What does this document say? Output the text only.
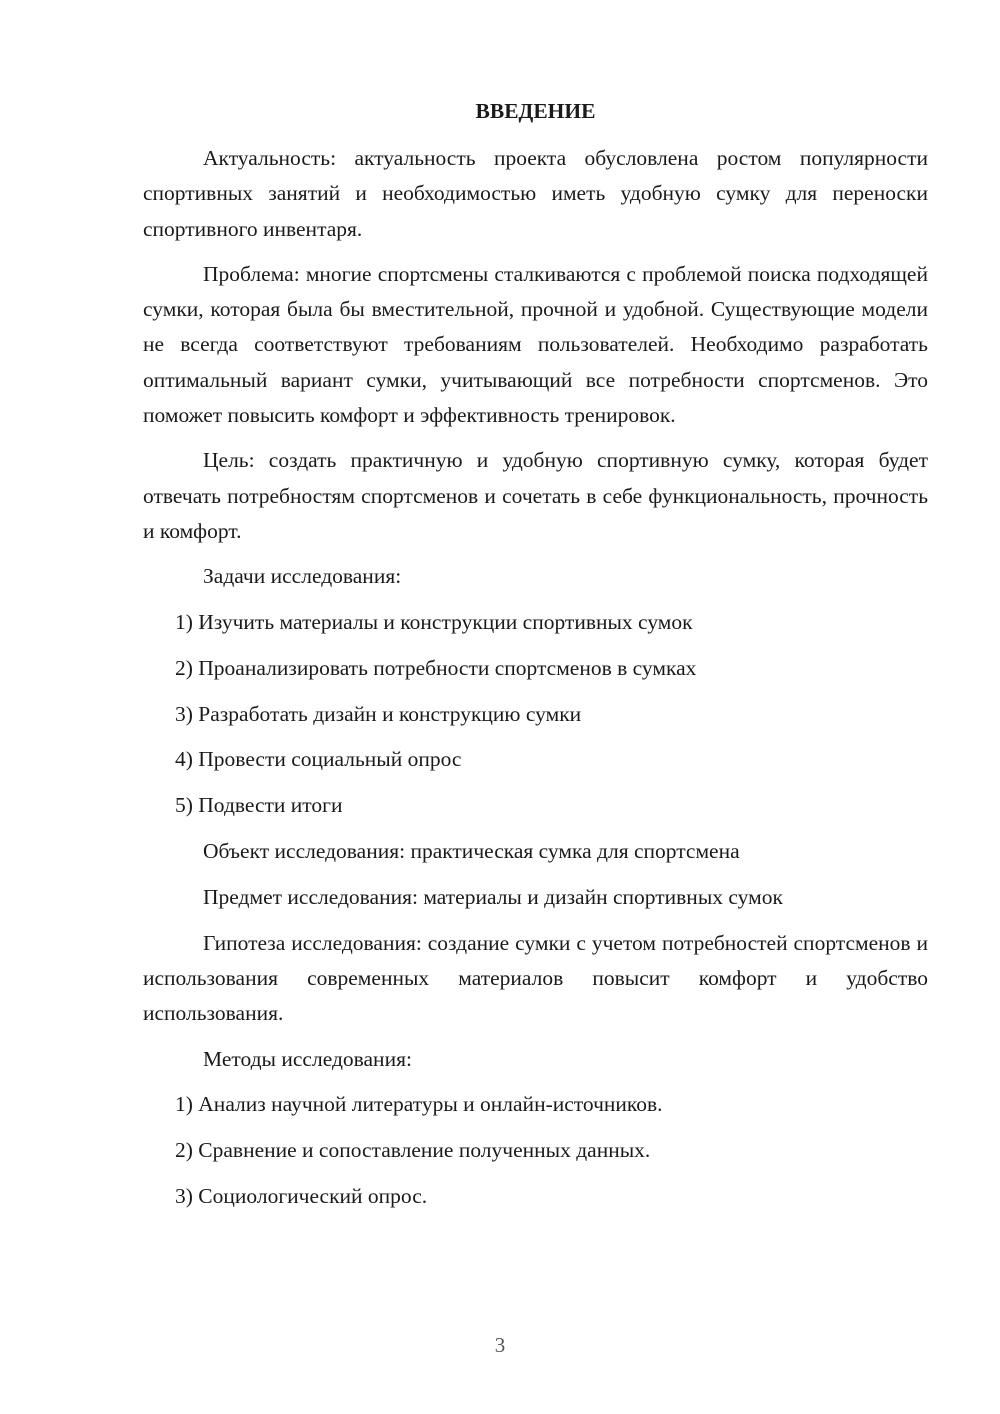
ВВЕДЕНИЕ

Актуальность: актуальность проекта обусловлена ростом популярности спортивных занятий и необходимостью иметь удобную сумку для переноски спортивного инвентаря.

Проблема: многие спортсмены сталкиваются с проблемой поиска подходящей сумки, которая была бы вместительной, прочной и удобной. Существующие модели не всегда соответствуют требованиям пользователей. Необходимо разработать оптимальный вариант сумки, учитывающий все потребности спортсменов. Это поможет повысить комфорт и эффективность тренировок.

Цель: создать практичную и удобную спортивную сумку, которая будет отвечать потребностям спортсменов и сочетать в себе функциональность, прочность и комфорт.

Задачи исследования:

1) Изучить материалы и конструкции спортивных сумок

2) Проанализировать потребности спортсменов в сумках

3) Разработать дизайн и конструкцию сумки

4) Провести социальный опрос

5) Подвести итоги

Объект исследования: практическая сумка для спортсмена

Предмет исследования: материалы и дизайн спортивных сумок

Гипотеза исследования: создание сумки с учетом потребностей спортсменов и использования современных материалов повысит комфорт и удобство использования.

Методы исследования:

1) Анализ научной литературы и онлайн-источников.

2) Сравнение и сопоставление полученных данных.

3) Социологический опрос.

3
